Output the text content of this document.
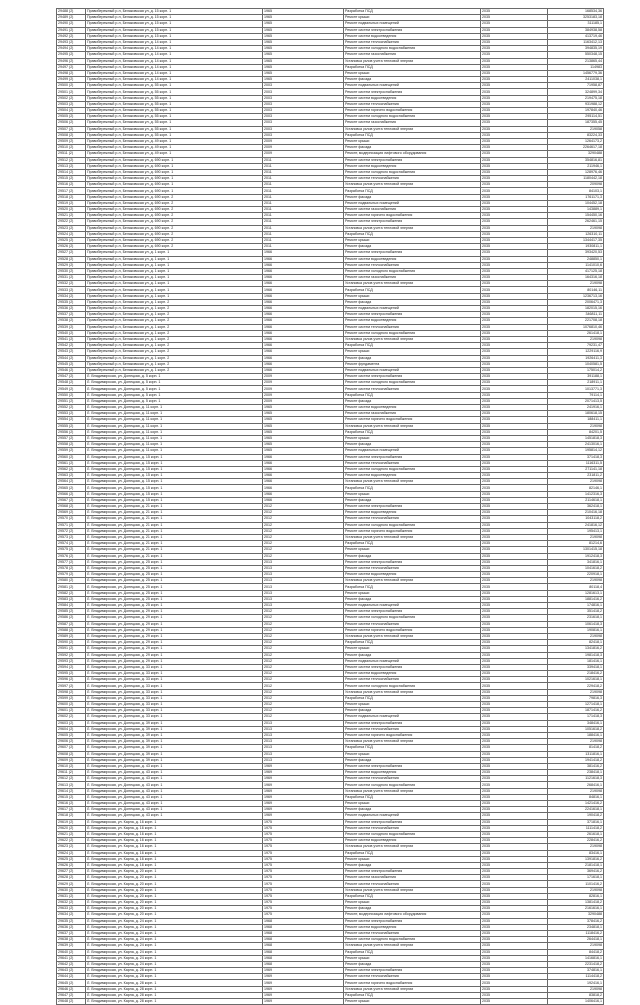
29488 (2)	Правобережный р-н, Белаковская ул, д. 15 корп. 1	1965	Разработка ПСД	2035	168534,36
29489 (2)	Правобережный р-н, Белаковская ул, д. 15 корп. 1	1965	Ремонт крыши	2035	3253183,18
29490 (2)	Правобережный р-н, Белаковская ул, д. 15 корп. 1	1965	Ремонт подвальных помещений	2035	311185,1
29491 (2)	Правобережный р-н, Белаковская ул, д. 15 корп. 1	1965	Ремонт систем электроснабжения	2035	384938,58
29492 (2)	Правобережный р-н, Белаковская ул, д. 15 корп. 1	1965	Ремонт систем водоотведения	2035	413719,46
29493 (2)	Правобережный р-н, Белаковская ул, д. 14 корп. 1	1965	Ремонт систем теплоснабжения	2035	1163412,13
29494 (2)	Правобережный р-н, Белаковская ул, д. 14 корп. 1	1965	Ремонт систем холодного водоснабжения	2035	394835,19
29495 (2)	Правобережный р-н, Белаковская ул, д. 14 корп. 1	1965	Ремонт систем газоснабжения	2035	550348,15
29496 (2)	Правобережный р-н, Белаковская ул, д. 14 корп. 1	1965	Установка узлов учета тепловой энергии	2035	213865,44
29497 (2)	Правобережный р-н, Белаковская ул, д. 14 корп. 1	1965	Разработка ПСД	2035	114983
29498 (2)	Правобережный р-н, Белаковская ул, д. 14 корп. 1	1965	Ремонт крыши	2035	1456779,36
29499 (2)	Правобережный р-н, Белаковская ул, д. 14 корп. 1	1965	Ремонт фасада	2035	2411038,1
29500 (2)	Правобережный р-н, Белаковская ул, д. 55 корп. 1	2003	Ремонт подвальных помещений	2035	71958,87
29501 (2)	Правобережный р-н, Белаковская ул, д. 55 корп. 1	2003	Ремонт систем электроснабжения	2035	324899,34
29502 (2)	Правобережный р-н, Белаковская ул, д. 55 корп. 1	2003	Ремонт систем водоотведения	2035	219475,18
29503 (2)	Правобережный р-н, Белаковская ул, д. 55 корп. 1	2003	Ремонт систем теплоснабжения	2035	931988,12
29504 (2)	Правобережный р-н, Белаковская ул, д. 55 корп. 1	2003	Ремонт систем горячего водоснабжения	2035	197840,46
29505 (2)	Правобережный р-н, Белаковская ул, д. 55 корп. 1	2003	Ремонт систем холодного водоснабжения	2035	295114,51
29506 (2)	Правобережный р-н, Белаковская ул, д. 55 корп. 1	2003	Ремонт систем газоснабжения	2035	187355,45
29507 (2)	Правобережный р-н, Белаковская ул, д. 55 корп. 1	2003	Установка узлов учета тепловой энергии	2035	219058
29508 (2)	Правобережный р-н, Белаковская ул, д. 55 корп. 1	2003	Разработка ПСД	2035	83224,33
29509 (2)	Правобережный р-н, Белаковская ул, д. 49 корп. 1	2009	Ремонт крыши	2035	1264173,2
29510 (2)	Правобережный р-н, Белаковская ул, д. 49 корп. 1	2009	Ремонт фасада	2035	2264617,18
29511 (2)	Правобережный р-н, Белаковская ул, д. 49 корп. 1	2009	Ремонт, модернизация лифтового оборудования	2035	3290488
29512 (2)	Правобережный р-н, Белаковская ул, д. 690 корп. 1	2011	Ремонт систем электроснабжения	2035	354816,81
29513 (2)	Правобережный р-н, Белаковская ул, д. 690 корп. 1	2011	Ремонт систем водоотведения	2035	211946,1
29514 (2)	Правобережный р-н, Белаковская ул, д. 690 корп. 1	2011	Ремонт систем холодного водоснабжения	2035	128976,46
29515 (2)	Правобережный р-н, Белаковская ул, д. 690 корп. 1	2011	Ремонт систем теплоснабжения	2035	1180442,18
29516 (2)	Правобережный р-н, Белаковская ул, д. 690 корп. 1	2011	Установка узлов учета тепловой энергии	2035	209098
29517 (2)	Правобережный р-н, Белаковская ул, д. 690 корп. 1	2011	Разработка ПСД	2035	84103,1
29518 (2)	Правобережный р-н, Белаковская ул, д. 690 корп. 2	2011	Ремонт фасада	2035	1761171,3
29519 (2)	Правобережный р-н, Белаковская ул, д. 690 корп. 2	2011	Ремонт подвальных помещений	2035	104452,18
29520 (2)	Правобережный р-н, Белаковская ул, д. 690 корп. 2	2011	Ремонт систем газоснабжения	2035	143889,1
29521 (2)	Правобережный р-н, Белаковская ул, д. 690 корп. 2	2011	Ремонт систем горячего водоснабжения	2035	154450,16
29522 (2)	Правобережный р-н, Белаковская ул, д. 690 корп. 2	2011	Ремонт систем электроснабжения	2035	262461,15
29523 (2)	Правобережный р-н, Белаковская ул, д. 690 корп. 2	2011	Установка узлов учета тепловой энергии	2035	219098
29524 (2)	Правобережный р-н, Белаковская ул, д. 690 корп. 2	2011	Разработка ПСД	2035	126310,11
29525 (2)	Правобережный р-н, Белаковская ул, д. 690 корп. 2	2011	Ремонт крыши	2035	1344417,35
29526 (2)	Правобережный р-н, Белаковская ул, д. 690 корп. 2	2011	Ремонт фасада	2035	1930811,1
29527 (2)	Правобережный р-н, Белаковская ул, д. 1 корп. 1	1966	Ремонт систем электроснабжения	2035	393420,53
29528 (2)	Правобережный р-н, Белаковская ул, д. 1 корп. 1	1966	Ремонт систем водоотведения	2035	248850,1
29529 (2)	Правобережный р-н, Белаковская ул, д. 1 корп. 1	1966	Ремонт систем теплоснабжения	2035	1141010,6
29530 (2)	Правобережный р-н, Белаковская ул, д. 1 корп. 1	1966	Ремонт систем холодного водоснабжения	2035	417125,18
29531 (2)	Правобережный р-н, Белаковская ул, д. 1 корп. 1	1966	Ремонт систем газоснабжения	2035	164316,18
29532 (2)	Правобережный р-н, Белаковская ул, д. 1 корп. 1	1966	Установка узлов учета тепловой энергии	2035	219098
29533 (2)	Правобережный р-н, Белаковская ул, д. 1 корп. 1	1966	Разработка ПСД	2035	80146,11
29534 (2)	Правобережный р-н, Белаковская ул, д. 1 корп. 1	1966	Ремонт крыши	2035	1236713,16
29535 (2)	Правобережный р-н, Белаковская ул, д. 1 корп. 2	1966	Ремонт фасада	2035	2006471,3
29536 (2)	Правобережный р-н, Белаковская ул, д. 1 корп. 2	1966	Ремонт подвальных помещений	2035	182015,16
29537 (2)	Правобережный р-н, Белаковская ул, д. 1 корп. 2	1966	Ремонт систем электроснабжения	2035	346811,11
29538 (2)	Правобережный р-н, Белаковская ул, д. 1 корп. 2	1966	Ремонт систем водоотведения	2035	221708,18
29539 (2)	Правобережный р-н, Белаковская ул, д. 1 корп. 2	1966	Ремонт систем теплоснабжения	2035	1076810,46
29540 (2)	Правобережный р-н, Белаковская ул, д. 1 корп. 2	1966	Ремонт систем холодного водоснабжения	2035	261418,1
29541 (2)	Правобережный р-н, Белаковская ул, д. 1 корп. 2	1966	Установка узлов учета тепловой энергии	2035	219098
29542 (2)	Правобережный р-н, Белаковская ул, д. 1 корп. 2	1966	Разработка ПСД	2035	79231,47
29543 (2)	Правобережный р-н, Белаковская ул, д. 1 корп. 2	1966	Ремонт крыши	2035	1229116,9
29544 (2)	Правобережный р-н, Белаковская ул, д. 1 корп. 2	1966	Ремонт фасада	2035	1926411,3
29545 (2)	Правобережный р-н, Белаковская ул, д. 1 корп. 2	1966	Ремонт фундамента	2035	1040581,5
29546 (2)	Правобережный р-н, Белаковская ул, д. 1 корп. 2	1966	Ремонт подвальных помещений	2035	175014,2
29547 (2)	Л. Владимирская, ул. Донецкая, д. 5 корп. 1	2009	Ремонт систем электроснабжения	2035	391188,1
29548 (2)	Л. Владимирская, ул. Донецкая, д. 5 корп. 1	2009	Ремонт систем холодного водоснабжения	2035	218911,1
29549 (2)	Л. Владимирская, ул. Донецкая, д. 5 корп. 1	2009	Ремонт систем теплоснабжения	2035	1013771,3
29550 (2)	Л. Владимирская, ул. Донецкая, д. 5 корп. 1	2009	Разработка ПСД	2035	79114,1
29551 (2)	Л. Владимирская, ул. Донецкая, д. 5 корп. 1	2009	Ремонт фасада	2035	2071413,5
29552 (2)	Л. Владимирская, ул. Донецкая, д. 11 корп. 1	1965	Ремонт систем водоотведения	2035	241916,1
29553 (2)	Л. Владимирская, ул. Донецкая, д. 11 корп. 1	1965	Ремонт систем газоснабжения	2035	180618,15
29554 (2)	Л. Владимирская, ул. Донецкая, д. 11 корп. 1	1965	Ремонт систем горячего водоснабжения	2035	188411,1
29555 (2)	Л. Владимирская, ул. Донецкая, д. 11 корп. 1	1965	Установка узлов учета тепловой энергии	2035	219098
29556 (2)	Л. Владимирская, ул. Донецкая, д. 11 корп. 1	1965	Разработка ПСД	2035	84201,5
29557 (2)	Л. Владимирская, ул. Донецкая, д. 11 корп. 1	1965	Ремонт крыши	2035	1451818,3
29558 (2)	Л. Владимирская, ул. Донецкая, д. 11 корп. 1	1965	Ремонт фасада	2035	2413016,1
29559 (2)	Л. Владимирская, ул. Донецкая, д. 11 корп. 1	1965	Ремонт подвальных помещений	2035	195814,12
29560 (2)	Л. Владимирская, ул. Донецкая, д. 15 корп. 1	1966	Ремонт систем электроснабжения	2035	371418,3
29561 (2)	Л. Владимирская, ул. Донецкая, д. 15 корп. 1	1966	Ремонт систем теплоснабжения	2035	1116311,5
29562 (2)	Л. Владимирская, ул. Донецкая, д. 15 корп. 1	1966	Ремонт систем холодного водоснабжения	2035	271141,18
29563 (2)	Л. Владимирская, ул. Донецкая, д. 15 корп. 1	1966	Ремонт систем водоотведения	2035	231811,2
29564 (2)	Л. Владимирская, ул. Донецкая, д. 15 корп. 1	1966	Установка узлов учета тепловой энергии	2035	219098
29565 (2)	Л. Владимирская, ул. Донецкая, д. 15 корп. 1	1966	Разработка ПСД	2035	82146,1
29566 (2)	Л. Владимирская, ул. Донецкая, д. 15 корп. 1	1966	Ремонт крыши	2035	1412316,3
29567 (2)	Л. Владимирская, ул. Донецкая, д. 15 корп. 1	1966	Ремонт фасада	2035	2114618,1
29568 (2)	Л. Владимирская, ул. Донецкая, д. 21 корп. 1	2012	Ремонт систем электроснабжения	2035	362418,1
29569 (2)	Л. Владимирская, ул. Донецкая, д. 21 корп. 1	2012	Ремонт систем водоотведения	2035	210416,18
29570 (2)	Л. Владимирская, ул. Донецкая, д. 21 корп. 1	2012	Ремонт систем теплоснабжения	2035	1043118,2
29571 (2)	Л. Владимирская, ул. Донецкая, д. 21 корп. 1	2012	Ремонт систем холодного водоснабжения	2035	241816,12
29572 (2)	Л. Владимирская, ул. Донецкая, д. 21 корп. 1	2012	Ремонт систем горячего водоснабжения	2035	195413,1
29573 (2)	Л. Владимирская, ул. Донецкая, д. 21 корп. 1	2012	Установка узлов учета тепловой энергии	2035	219098
29574 (2)	Л. Владимирская, ул. Донецкая, д. 21 корп. 1	2012	Разработка ПСД	2035	81214,6
29575 (2)	Л. Владимирская, ул. Донецкая, д. 21 корп. 1	2012	Ремонт крыши	2035	1301415,18
29576 (2)	Л. Владимирская, ул. Донецкая, д. 21 корп. 1	2012	Ремонт фасада	2035	1912418,3
29577 (2)	Л. Владимирская, ул. Донецкая, д. 25 корп. 1	2013	Ремонт систем электроснабжения	2035	341816,1
29578 (2)	Л. Владимирская, ул. Донецкая, д. 25 корп. 1	2013	Ремонт систем теплоснабжения	2035	1041618,2
29579 (2)	Л. Владимирская, ул. Донецкая, д. 25 корп. 1	2013	Ремонт систем водоотведения	2035	220918,1
29580 (2)	Л. Владимирская, ул. Донецкая, д. 25 корп. 1	2013	Установка узлов учета тепловой энергии	2035	219098
29581 (2)	Л. Владимирская, ул. Донецкая, д. 25 корп. 1	2013	Разработка ПСД	2035	80118,4
29582 (2)	Л. Владимирская, ул. Донецкая, д. 25 корп. 1	2013	Ремонт крыши	2035	1281613,1
29583 (2)	Л. Владимирская, ул. Донецкая, д. 25 корп. 1	2013	Ремонт фасада	2035	1881416,2
29584 (2)	Л. Владимирская, ул. Донецкая, д. 25 корп. 1	2013	Ремонт подвальных помещений	2035	174816,1
29585 (2)	Л. Владимирская, ул. Донецкая, д. 29 корп. 1	2012	Ремонт систем электроснабжения	2035	351418,2
29586 (2)	Л. Владимирская, ул. Донецкая, д. 29 корп. 1	2012	Ремонт систем холодного водоснабжения	2035	231618,1
29587 (2)	Л. Владимирская, ул. Донецкая, д. 29 корп. 1	2012	Ремонт систем теплоснабжения	2035	1061418,3
29588 (2)	Л. Владимирская, ул. Донецкая, д. 29 корп. 1	2012	Ремонт систем горячего водоснабжения	2035	190816,1
29589 (2)	Л. Владимирская, ул. Донецкая, д. 29 корп. 1	2012	Установка узлов учета тепловой энергии	2035	219098
29590 (2)	Л. Владимирская, ул. Донецкая, д. 29 корп. 1	2012	Разработка ПСД	2035	82418,1
29591 (2)	Л. Владимирская, ул. Донецкая, д. 29 корп. 1	2012	Ремонт крыши	2035	1341816,2
29592 (2)	Л. Владимирская, ул. Донецкая, д. 29 корп. 1	2012	Ремонт фасада	2035	1981418,3
29593 (2)	Л. Владимирская, ул. Донецкая, д. 29 корп. 1	2012	Ремонт подвальных помещений	2035	181416,1
29594 (2)	Л. Владимирская, ул. Донецкая, д. 33 корп. 1	2012	Ремонт систем электроснабжения	2035	339418,1
29595 (2)	Л. Владимирская, ул. Донецкая, д. 33 корп. 1	2012	Ремонт систем водоотведения	2035	218416,2
29596 (2)	Л. Владимирская, ул. Донецкая, д. 33 корп. 1	2012	Ремонт систем теплоснабжения	2035	1021618,1
29597 (2)	Л. Владимирская, ул. Донецкая, д. 33 корп. 1	2012	Ремонт систем холодного водоснабжения	2035	229418,2
29598 (2)	Л. Владимирская, ул. Донецкая, д. 33 корп. 1	2012	Установка узлов учета тепловой энергии	2035	219098
29599 (2)	Л. Владимирская, ул. Донецкая, д. 33 корп. 1	2012	Разработка ПСД	2035	79816,3
29600 (2)	Л. Владимирская, ул. Донецкая, д. 33 корп. 1	2012	Ремонт крыши	2035	1271418,1
29601 (2)	Л. Владимирская, ул. Донецкая, д. 33 корп. 1	2012	Ремонт фасада	2035	1871416,2
29602 (2)	Л. Владимирская, ул. Донецкая, д. 33 корп. 1	2012	Ремонт подвальных помещений	2035	171418,3
29603 (2)	Л. Владимирская, ул. Донецкая, д. 39 корп. 1	2013	Ремонт систем электроснабжения	2035	348416,1
29604 (2)	Л. Владимирская, ул. Донецкая, д. 39 корп. 1	2013	Ремонт систем теплоснабжения	2035	1051618,2
29605 (2)	Л. Владимирская, ул. Донецкая, д. 39 корп. 1	2013	Ремонт систем горячего водоснабжения	2035	188416,1
29606 (2)	Л. Владимирская, ул. Донецкая, д. 39 корп. 1	2013	Установка узлов учета тепловой энергии	2035	219098
29607 (2)	Л. Владимирская, ул. Донецкая, д. 39 корп. 1	2013	Разработка ПСД	2035	81418,2
29608 (2)	Л. Владимирская, ул. Донецкая, д. 39 корп. 1	2013	Ремонт крыши	2035	1311816,1
29609 (2)	Л. Владимирская, ул. Донецкая, д. 39 корп. 1	2013	Ремонт фасада	2035	1941418,2
29610 (2)	Л. Владимирская, ул. Донецкая, д. 43 корп. 1	1969	Ремонт систем электроснабжения	2035	381416,2
29611 (2)	Л. Владимирская, ул. Донецкая, д. 43 корп. 1	1969	Ремонт систем водоотведения	2035	238418,1
29612 (2)	Л. Владимирская, ул. Донецкая, д. 43 корп. 1	1969	Ремонт систем теплоснабжения	2035	1121618,3
29613 (2)	Л. Владимирская, ул. Донецкая, д. 43 корп. 1	1969	Ремонт систем холодного водоснабжения	2035	268416,1
29614 (2)	Л. Владимирская, ул. Донецкая, д. 43 корп. 1	1969	Установка узлов учета тепловой энергии	2035	219098
29615 (2)	Л. Владимирская, ул. Донецкая, д. 43 корп. 1	1969	Разработка ПСД	2035	84816,1
29616 (2)	Л. Владимирская, ул. Донецкая, д. 43 корп. 1	1969	Ремонт крыши	2035	1421416,2
29617 (2)	Л. Владимирская, ул. Донецкая, д. 43 корп. 1	1969	Ремонт фасада	2035	2241618,1
29618 (2)	Л. Владимирская, ул. Донецкая, д. 43 корп. 1	1969	Ремонт подвальных помещений	2035	190418,2
29619 (2)	Л. Владимирская, ул. Карла, д. 16 корп. 1	1975	Ремонт систем электроснабжения	2035	371816,1
29620 (2)	Л. Владимирская, ул. Карла, д. 16 корп. 1	1975	Ремонт систем теплоснабжения	2035	1111418,2
29621 (2)	Л. Владимирская, ул. Карла, д. 16 корп. 1	1975	Ремонт систем холодного водоснабжения	2035	261618,1
29622 (2)	Л. Владимирская, ул. Карла, д. 16 корп. 1	1975	Ремонт систем водоотведения	2035	228416,2
29623 (2)	Л. Владимирская, ул. Карла, д. 16 корп. 1	1975	Установка узлов учета тепловой энергии	2035	219098
29624 (2)	Л. Владимирская, ул. Карла, д. 16 корп. 1	1975	Разработка ПСД	2035	83416,1
29625 (2)	Л. Владимирская, ул. Карла, д. 16 корп. 1	1975	Ремонт крыши	2035	1391816,2
29626 (2)	Л. Владимирская, ул. Карла, д. 16 корп. 1	1975	Ремонт фасада	2035	2181418,1
29627 (2)	Л. Владимирская, ул. Карла, д. 20 корп. 1	1975	Ремонт систем электроснабжения	2035	369416,2
29628 (2)	Л. Владимирская, ул. Карла, д. 20 корп. 1	1975	Ремонт систем газоснабжения	2035	171618,1
29629 (2)	Л. Владимирская, ул. Карла, д. 20 корп. 1	1975	Ремонт систем теплоснабжения	2035	1101416,2
29630 (2)	Л. Владимирская, ул. Карла, д. 20 корп. 1	1975	Установка узлов учета тепловой энергии	2035	219098
29631 (2)	Л. Владимирская, ул. Карла, д. 20 корп. 1	1975	Разработка ПСД	2035	82816,1
29632 (2)	Л. Владимирская, ул. Карла, д. 20 корп. 1	1975	Ремонт крыши	2035	1381418,2
29633 (2)	Л. Владимирская, ул. Карла, д. 20 корп. 1	1975	Ремонт фасада	2035	2161616,1
29634 (2)	Л. Владимирская, ул. Карла, д. 20 корп. 1	1975	Ремонт, модернизация лифтового оборудования	2035	3290488
29635 (2)	Л. Владимирская, ул. Карла, д. 24 корп. 1	1968	Ремонт систем электроснабжения	2035	378416,2
29636 (2)	Л. Владимирская, ул. Карла, д. 24 корп. 1	1968	Ремонт систем водоотведения	2035	234818,1
29637 (2)	Л. Владимирская, ул. Карла, д. 24 корп. 1	1968	Ремонт систем теплоснабжения	2035	1118416,2
29638 (2)	Л. Владимирская, ул. Карла, д. 24 корп. 1	1968	Ремонт систем холодного водоснабжения	2035	264418,1
29639 (2)	Л. Владимирская, ул. Карла, д. 24 корп. 1	1968	Установка узлов учета тепловой энергии	2035	219098
29640 (2)	Л. Владимирская, ул. Карла, д. 24 корп. 1	1968	Разработка ПСД	2035	84418,2
29641 (2)	Л. Владимирская, ул. Карла, д. 24 корп. 1	1968	Ремонт крыши	2035	1416816,1
29642 (2)	Л. Владимирская, ул. Карла, д. 24 корп. 1	1968	Ремонт фасада	2035	2231418,2
29643 (2)	Л. Владимирская, ул. Карла, д. 28 корп. 1	1969	Ремонт систем электроснабжения	2035	374816,1
29644 (2)	Л. Владимирская, ул. Карла, д. 28 корп. 1	1969	Ремонт систем теплоснабжения	2035	1114418,2
29645 (2)	Л. Владимирская, ул. Карла, д. 28 корп. 1	1969	Ремонт систем горячего водоснабжения	2035	192416,1
29646 (2)	Л. Владимирская, ул. Карла, д. 28 корп. 1	1969	Установка узлов учета тепловой энергии	2035	219098
29647 (2)	Л. Владимирская, ул. Карла, д. 28 корп. 1	1969	Разработка ПСД	2035	83818,2
29648 (2)	Л. Владимирская, ул. Карла, д. 28 корп. 1	1969	Ремонт крыши	2035	1406416,1
